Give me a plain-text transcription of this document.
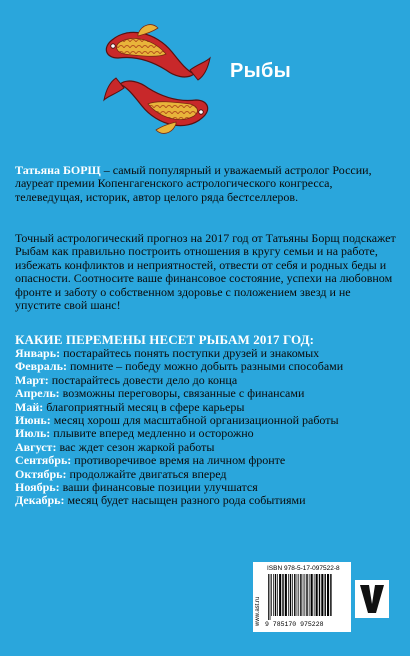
Рыбы

Татьяна БОРЩ – самый популярный и уважаемый астролог России, лауреат премии Копенгагенского астрологического конгресса, телеведущая, историк, автор целого ряда бестселлеров.

Точный астрологический прогноз на 2017 год от Татьяны Борщ подскажет Рыбам как правильно построить отношения в кругу семьи и на работе, избежать конфликтов и неприятностей, отвести от себя и родных беды и опасности. Соотносите ваше финансовое состояние, успехи на любовном фронте и заботу о собственном здоровье с положением звезд и не упустите свой шанс!

КАКИЕ ПЕРЕМЕНЫ НЕСЕТ РЫБАМ 2017 ГОД:

Январь: постарайтесь понять поступки друзей и знакомых

Февраль: помните – победу можно добыть разными способами

Март: постарайтесь довести дело до конца

Апрель: возможны переговоры, связанные с финансами

Май: благоприятный месяц в сфере карьеры

Июнь: месяц хорош для масштабной организационной работы

Июль: плывите вперед медленно и осторожно

Август: вас ждет сезон жаркой работы

Сентябрь: противоречивое время на личном фронте

Октябрь: продолжайте двигаться вперед

Ноябрь: ваши финансовые позиции улучшатся

Декабрь: месяц будет насыщен разного рода событиями

www.ast.ru
ISBN 978-5-17-097522-8
9 785170 975228
